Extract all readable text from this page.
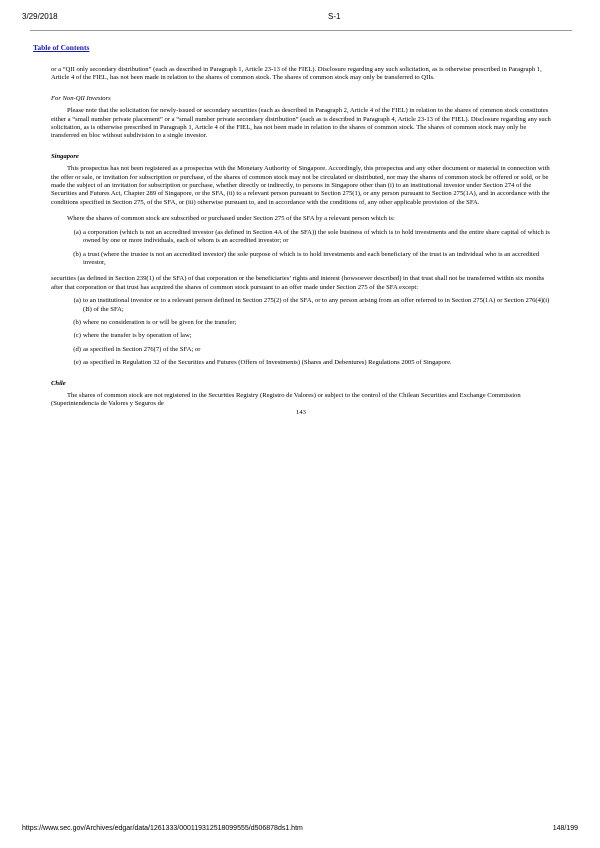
3/29/2018	S-1
Table of Contents

or a “QII only secondary distribution” (each as described in Paragraph 1, Article 23-13 of the FIEL). Disclosure regarding any such solicitation, as is otherwise prescribed in Paragraph 1, Article 4 of the FIEL, has not been made in relation to the shares of common stock. The shares of common stock may only be transferred to QIIs.

For Non-QII Investors

Please note that the solicitation for newly-issued or secondary securities (each as described in Paragraph 2, Article 4 of the FIEL) in relation to the shares of common stock constitutes either a “small number private placement” or a “small number private secondary distribution” (each as is described in Paragraph 4, Article 23-13 of the FIEL). Disclosure regarding any such solicitation, as is otherwise prescribed in Paragraph 1, Article 4 of the FIEL, has not been made in relation to the shares of common stock. The shares of common stock may only be transferred en bloc without subdivision to a single investor.

Singapore

This prospectus has not been registered as a prospectus with the Monetary Authority of Singapore. Accordingly, this prospectus and any other document or material in connection with the offer or sale, or invitation for subscription or purchase, of the shares of common stock may not be circulated or distributed, nor may the shares of common stock be offered or sold, or be made the subject of an invitation for subscription or purchase, whether directly or indirectly, to persons in Singapore other than (i) to an institutional investor under Section 274 of the Securities and Futures Act, Chapter 289 of Singapore, or the SFA, (ii) to a relevant person pursuant to Section 275(1), or any person pursuant to Section 275(1A), and in accordance with the conditions specified in Section 275, of the SFA, or (iii) otherwise pursuant to, and in accordance with the conditions of, any other applicable provision of the SFA.

Where the shares of common stock are subscribed or purchased under Section 275 of the SFA by a relevant person which is:

(a) a corporation (which is not an accredited investor (as defined in Section 4A of the SFA)) the sole business of which is to hold investments and the entire share capital of which is owned by one or more individuals, each of whom is an accredited investor; or
(b) a trust (where the trustee is not an accredited investor) the sole purpose of which is to hold investments and each beneficiary of the trust is an individual who is an accredited investor,

securities (as defined in Section 239(1) of the SFA) of that corporation or the beneficiaries’ rights and interest (howsoever described) in that trust shall not be transferred within six months after that corporation or that trust has acquired the shares of common stock pursuant to an offer made under Section 275 of the SFA except:

(a) to an institutional investor or to a relevant person defined in Section 275(2) of the SFA, or to any person arising from an offer referred to in Section 275(1A) or Section 276(4)(i)(B) of the SFA;
(b) where no consideration is or will be given for the transfer;
(c) where the transfer is by operation of law;
(d) as specified in Section 276(7) of the SFA; or
(e) as specified in Regulation 32 of the Securities and Futures (Offers of Investments) (Shares and Debentures) Regulations 2005 of Singapore.

Chile

The shares of common stock are not registered in the Securities Registry (Registro de Valores) or subject to the control of the Chilean Securities and Exchange Commission (Superintendencia de Valores y Seguros de

143

https://www.sec.gov/Archives/edgar/data/1261333/000119312518099555/d506878ds1.htm	148/199
